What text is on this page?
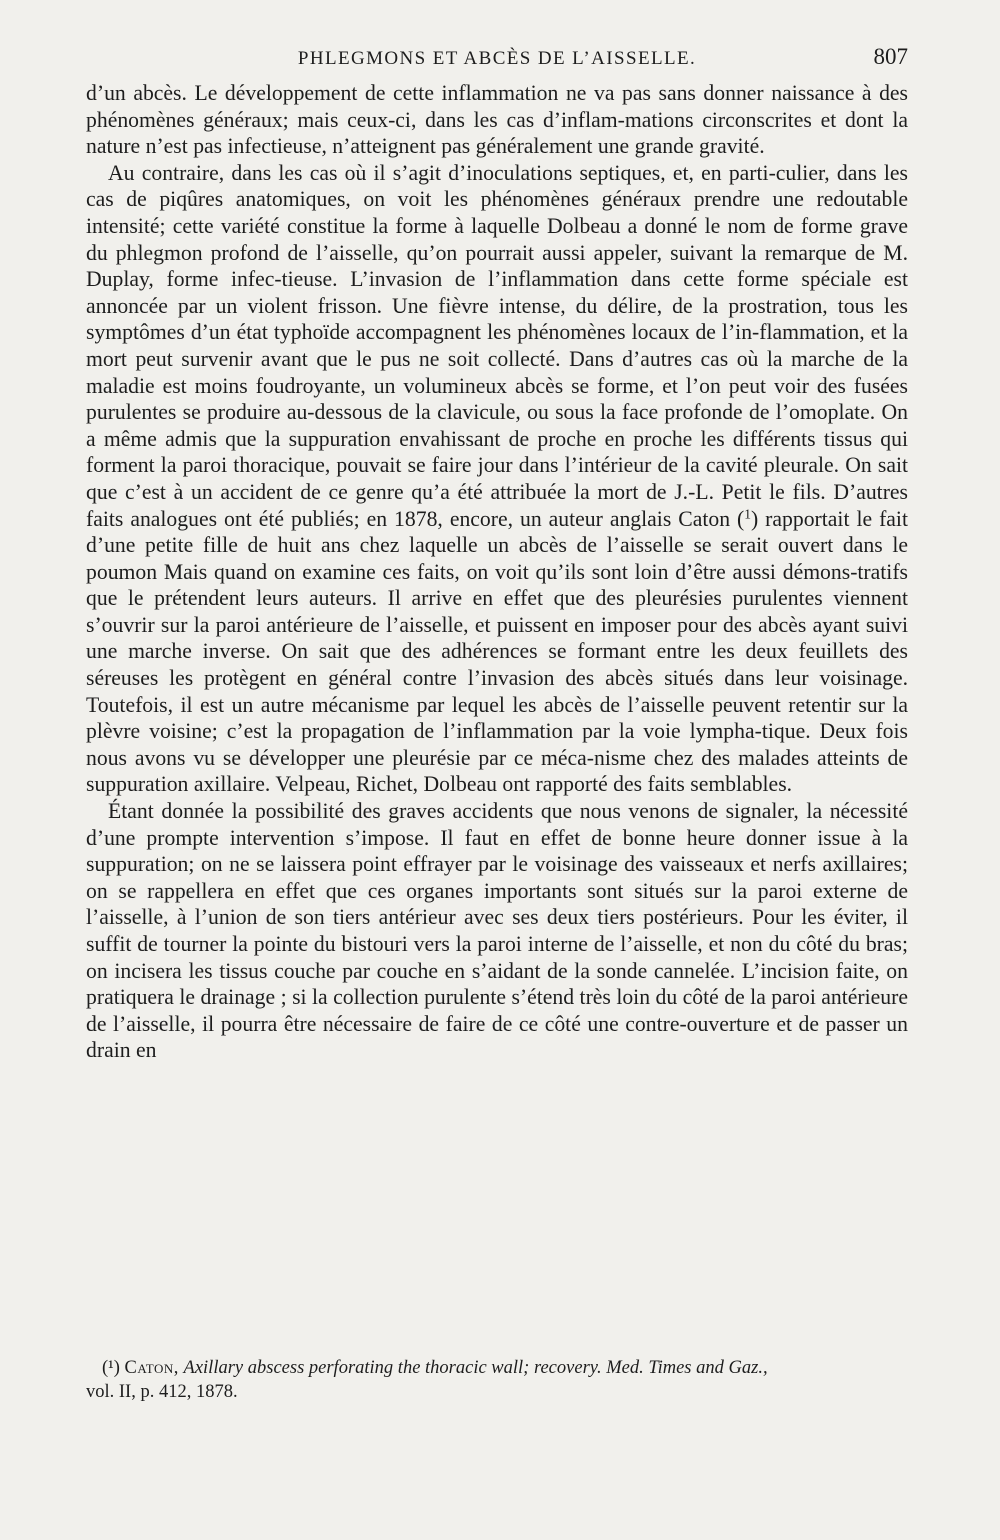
PHLEGMONS ET ABCÈS DE L’AISSELLE.	807

d’un abcès. Le développement de cette inflammation ne va pas sans donner naissance à des phénomènes généraux; mais ceux-ci, dans les cas d’inflam-mations circonscrites et dont la nature n’est pas infectieuse, n’atteignent pas généralement une grande gravité.

Au contraire, dans les cas où il s’agit d’inoculations septiques, et, en parti-culier, dans les cas de piqûres anatomiques, on voit les phénomènes généraux prendre une redoutable intensité; cette variété constitue la forme à laquelle Dolbeau a donné le nom de forme grave du phlegmon profond de l’aisselle, qu’on pourrait aussi appeler, suivant la remarque de M. Duplay, forme infec-tieuse. L’invasion de l’inflammation dans cette forme spéciale est annoncée par un violent frisson. Une fièvre intense, du délire, de la prostration, tous les symptômes d’un état typhoïde accompagnent les phénomènes locaux de l’in-flammation, et la mort peut survenir avant que le pus ne soit collecté. Dans d’autres cas où la marche de la maladie est moins foudroyante, un volumineux abcès se forme, et l’on peut voir des fusées purulentes se produire au-dessous de la clavicule, ou sous la face profonde de l’omoplate. On a même admis que la suppuration envahissant de proche en proche les différents tissus qui forment la paroi thoracique, pouvait se faire jour dans l’intérieur de la cavité pleurale. On sait que c’est à un accident de ce genre qu’a été attribuée la mort de J.-L. Petit le fils. D’autres faits analogues ont été publiés; en 1878, encore, un auteur anglais Caton ($^1$) rapportait le fait d’une petite fille de huit ans chez laquelle un abcès de l’aisselle se serait ouvert dans le poumon Mais quand on examine ces faits, on voit qu’ils sont loin d’être aussi démons-tratifs que le prétendent leurs auteurs. Il arrive en effet que des pleurésies purulentes viennent s’ouvrir sur la paroi antérieure de l’aisselle, et puissent en imposer pour des abcès ayant suivi une marche inverse. On sait que des adhérences se formant entre les deux feuillets des séreuses les protègent en général contre l’invasion des abcès situés dans leur voisinage. Toutefois, il est un autre mécanisme par lequel les abcès de l’aisselle peuvent retentir sur la plèvre voisine; c’est la propagation de l’inflammation par la voie lympha-tique. Deux fois nous avons vu se développer une pleurésie par ce méca-nisme chez des malades atteints de suppuration axillaire. Velpeau, Richet, Dolbeau ont rapporté des faits semblables.

Étant donnée la possibilité des graves accidents que nous venons de signaler, la nécessité d’une prompte intervention s’impose. Il faut en effet de bonne heure donner issue à la suppuration; on ne se laissera point effrayer par le voisinage des vaisseaux et nerfs axillaires; on se rappellera en effet que ces organes importants sont situés sur la paroi externe de l’aisselle, à l’union de son tiers antérieur avec ses deux tiers postérieurs. Pour les éviter, il suffit de tourner la pointe du bistouri vers la paroi interne de l’aisselle, et non du côté du bras; on incisera les tissus couche par couche en s’aidant de la sonde cannelée. L’incision faite, on pratiquera le drainage ; si la collection purulente s’étend très loin du côté de la paroi antérieure de l’aisselle, il pourra être nécessaire de faire de ce côté une contre-ouverture et de passer un drain en

(¹) Caton, Axillary abscess perforating the thoracic wall; recovery. Med. Times and Gaz.,
vol. II, p. 412, 1878.
